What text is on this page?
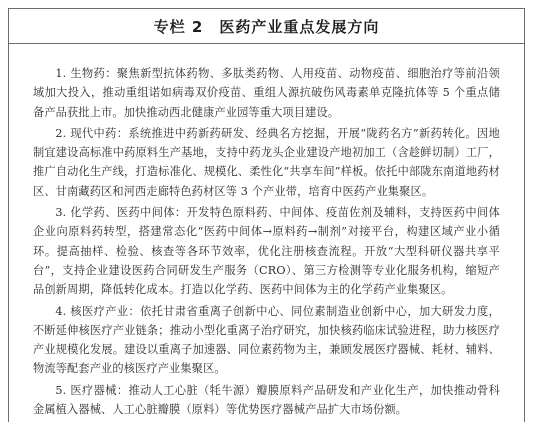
专栏 2　医药产业重点发展方向

1. 生物药：聚焦新型抗体药物、多肽类药物、人用疫苗、动物疫苗、细胞治疗等前沿领域加大投入，推动重组诺如病毒双价疫苗、重组人源抗破伤风毒素单克隆抗体等 5 个重点储备产品获批上市。加快推动西北健康产业园等重大项目建设。

2. 现代中药：系统推进中药新药研发、经典名方挖掘，开展“陇药名方”新药转化。因地制宜建设高标准中药原料生产基地，支持中药龙头企业建设产地初加工（含趁鲜切制）工厂，推广自动化生产线，打造标准化、规模化、柔性化“共享车间”样板。依托中部陇东南道地药材区、甘南藏药区和河西走廊特色药材区等 3 个产业带，培育中医药产业集聚区。

3. 化学药、医药中间体：开发特色原料药、中间体、疫苗佐剂及辅料，支持医药中间体企业向原料药转型，搭建常态化“医药中间体→原料药→制剂”对接平台，构建区域产业小循环。提高抽样、检验、核查等各环节效率，优化注册核查流程。开放“大型科研仪器共享平台”，支持企业建设医药合同研发生产服务（CRO）、第三方检测等专业化服务机构，缩短产品创新周期，降低转化成本。打造以化学药、医药中间体为主的化学药产业集聚区。

4. 核医疗产业：依托甘肃省重离子创新中心、同位素制造业创新中心，加大研发力度，不断延伸核医疗产业链条；推动小型化重离子治疗研究，加快核药临床试验进程，助力核医疗产业规模化发展。建设以重离子加速器、同位素药物为主，兼顾发展医疗器械、耗材、辅料、物流等配套产业的核医疗产业集聚区。

5. 医疗器械：推动人工心脏（牦牛源）瓣膜原料产品研发和产业化生产，加快推动骨科金属植入器械、人工心脏瓣膜（原料）等优势医疗器械产品扩大市场份额。
